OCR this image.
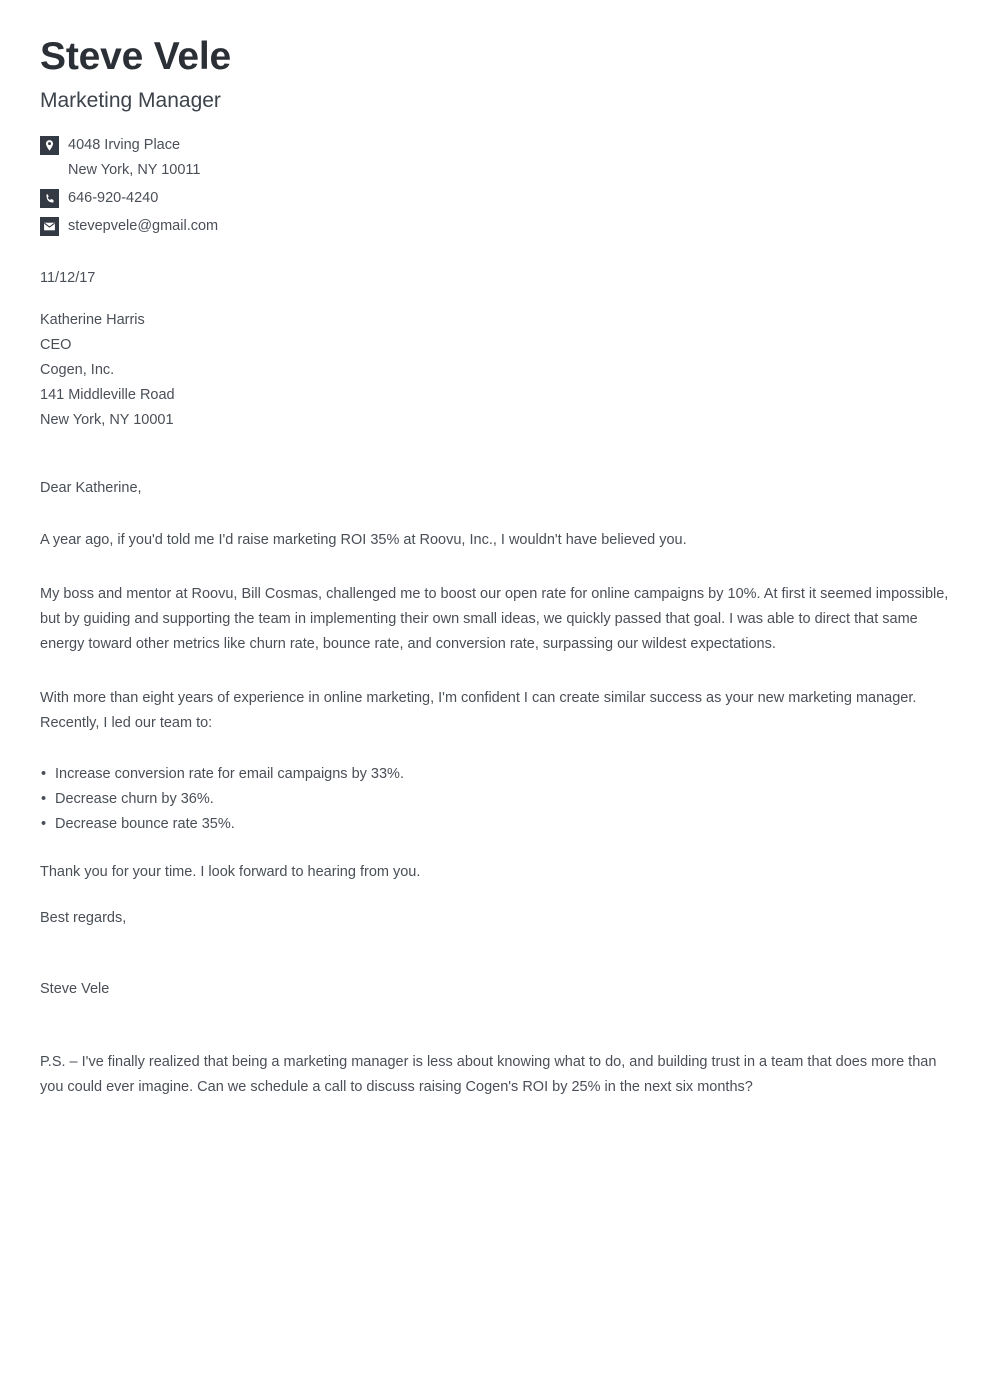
Steve Vele
Marketing Manager
4048 Irving Place
New York, NY 10011
646-920-4240
stevepvele@gmail.com

11/12/17

Katherine Harris
CEO
Cogen, Inc.
141 Middleville Road
New York, NY 10001

Dear Katherine,

A year ago, if you'd told me I'd raise marketing ROI 35% at Roovu, Inc., I wouldn't have believed you.

My boss and mentor at Roovu, Bill Cosmas, challenged me to boost our open rate for online campaigns by 10%. At first it seemed impossible, but by guiding and supporting the team in implementing their own small ideas, we quickly passed that goal. I was able to direct that same energy toward other metrics like churn rate, bounce rate, and conversion rate, surpassing our wildest expectations.

With more than eight years of experience in online marketing, I'm confident I can create similar success as your new marketing manager. Recently, I led our team to:

• Increase conversion rate for email campaigns by 33%.
• Decrease churn by 36%.
• Decrease bounce rate 35%.

Thank you for your time. I look forward to hearing from you.

Best regards,

Steve Vele

P.S. – I've finally realized that being a marketing manager is less about knowing what to do, and building trust in a team that does more than you could ever imagine. Can we schedule a call to discuss raising Cogen's ROI by 25% in the next six months?
